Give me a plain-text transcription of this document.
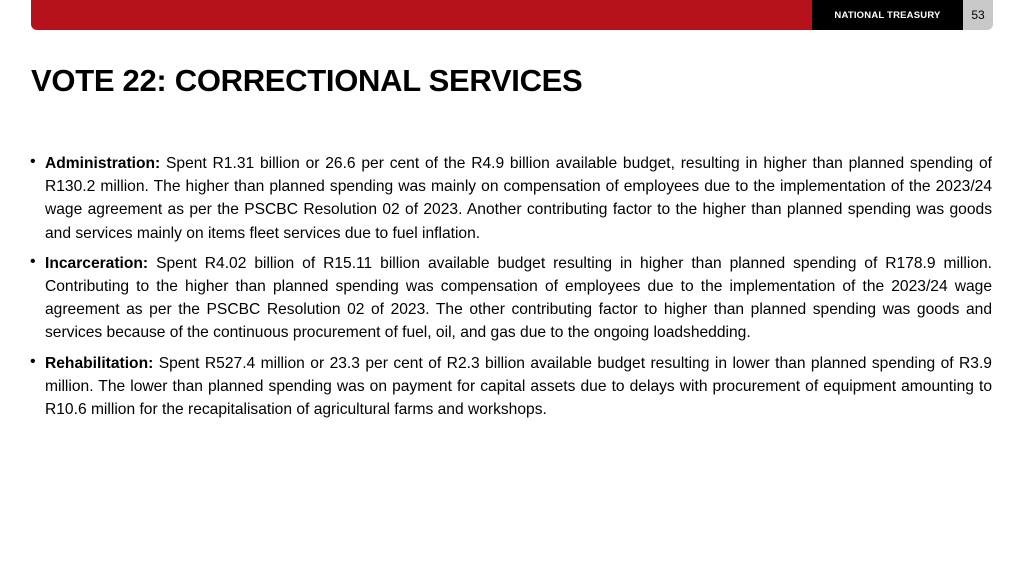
NATIONAL TREASURY	53
VOTE 22: CORRECTIONAL SERVICES
• Administration: Spent R1.31 billion or 26.6 per cent of the R4.9 billion available budget, resulting in higher than planned spending of R130.2 million. The higher than planned spending was mainly on compensation of employees due to the implementation of the 2023/24 wage agreement as per the PSCBC Resolution 02 of 2023. Another contributing factor to the higher than planned spending was goods and services mainly on items fleet services due to fuel inflation.
• Incarceration: Spent R4.02 billion of R15.11 billion available budget resulting in higher than planned spending of R178.9 million. Contributing to the higher than planned spending was compensation of employees due to the implementation of the 2023/24 wage agreement as per the PSCBC Resolution 02 of 2023. The other contributing factor to higher than planned spending was goods and services because of the continuous procurement of fuel, oil, and gas due to the ongoing loadshedding.
• Rehabilitation: Spent R527.4 million or 23.3 per cent of R2.3 billion available budget resulting in lower than planned spending of R3.9 million. The lower than planned spending was on payment for capital assets due to delays with procurement of equipment amounting to R10.6 million for the recapitalisation of agricultural farms and workshops.
